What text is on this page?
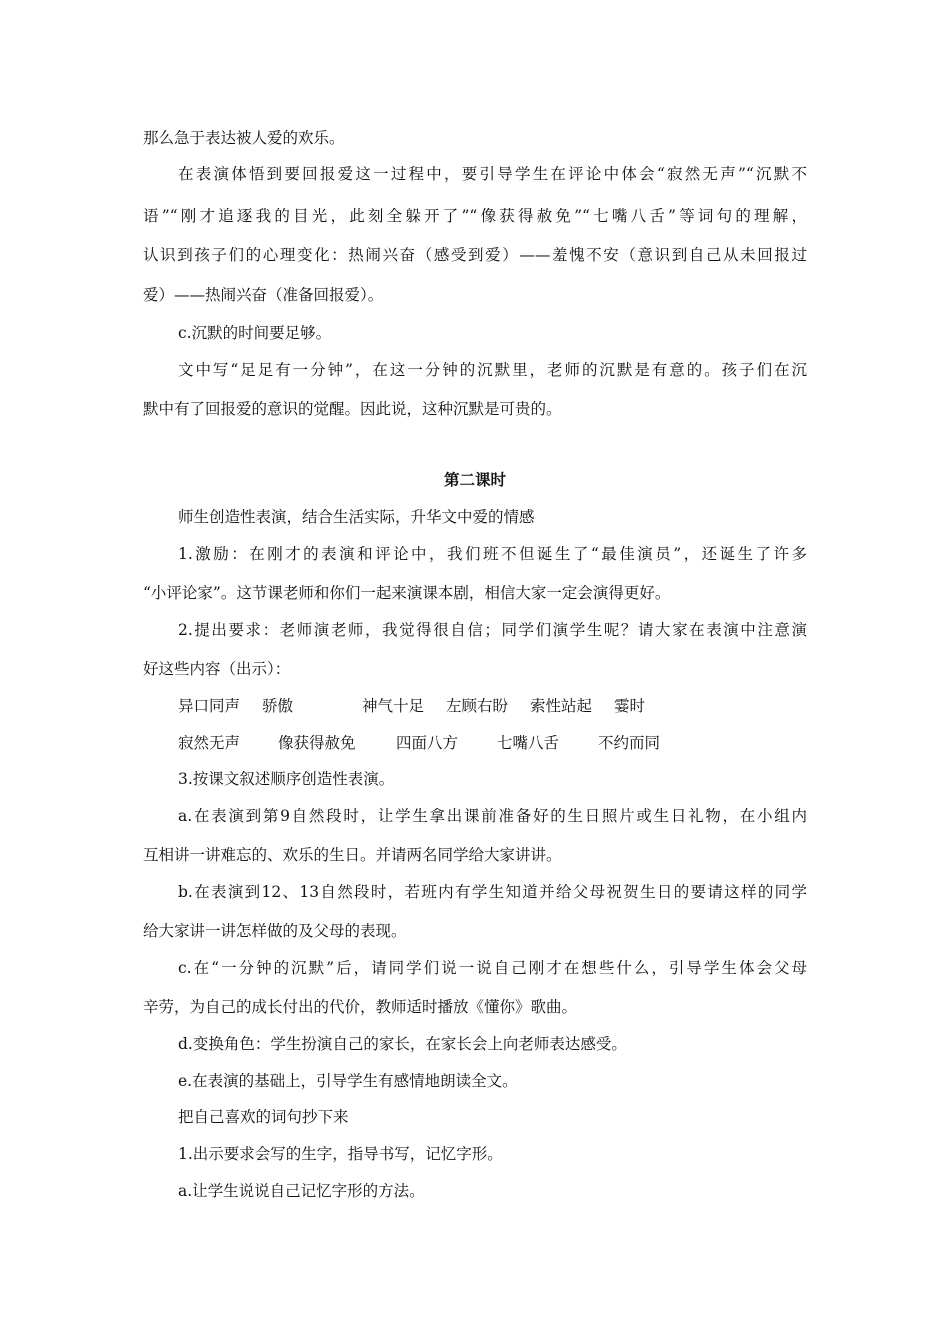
那么急于表达被人爱的欢乐。
在表演体悟到要回报爱这一过程中，要引导学生在评论中体会“寂然无声”“沉默不
语”“刚才追逐我的目光，此刻全躲开了”“像获得赦免”“七嘴八舌”等词句的理解，
认识到孩子们的心理变化：热闹兴奋（感受到爱）——羞愧不安（意识到自己从未回报过
爱）——热闹兴奋（准备回报爱）。
c.沉默的时间要足够。
文中写“足足有一分钟”，在这一分钟的沉默里，老师的沉默是有意的。孩子们在沉
默中有了回报爱的意识的觉醒。因此说，这种沉默是可贵的。
第二课时
师生创造性表演，结合生活实际，升华文中爱的情感
1.激励：在刚才的表演和评论中，我们班不但诞生了“最佳演员”，还诞生了许多
“小评论家”。这节课老师和你们一起来演课本剧，相信大家一定会演得更好。
2.提出要求：老师演老师，我觉得很自信；同学们演学生呢？请大家在表演中注意演
好这些内容（出示）：
异口同声 骄傲	神气十足 左顾右盼 索性站起 霎时
寂然无声 像获得赦免	四面八方	七嘴八舌	不约而同
3.按课文叙述顺序创造性表演。
a.在表演到第9自然段时，让学生拿出课前准备好的生日照片或生日礼物，在小组内
互相讲一讲难忘的、欢乐的生日。并请两名同学给大家讲讲。
b.在表演到12、13自然段时，若班内有学生知道并给父母祝贺生日的要请这样的同学
给大家讲一讲怎样做的及父母的表现。
c.在“一分钟的沉默”后，请同学们说一说自己刚才在想些什么，引导学生体会父母
辛劳，为自己的成长付出的代价，教师适时播放《懂你》歌曲。
d.变换角色：学生扮演自己的家长，在家长会上向老师表达感受。
e.在表演的基础上，引导学生有感情地朗读全文。
把自己喜欢的词句抄下来
1.出示要求会写的生字，指导书写，记忆字形。
a.让学生说说自己记忆字形的方法。
